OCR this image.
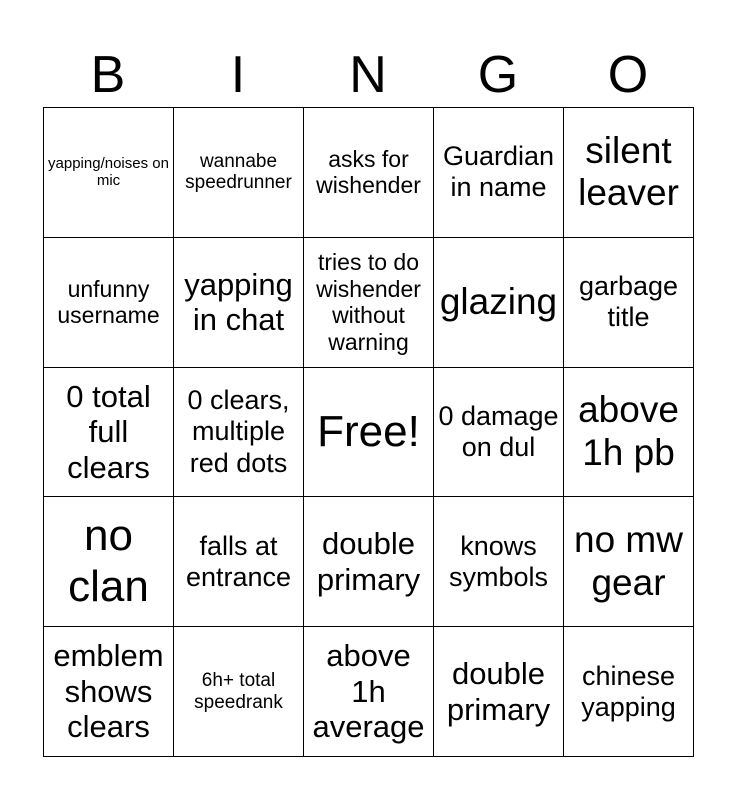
B	I	N	G	O
yapping/noises on mic	wannabe speedrunner	asks for wishender	Guardian in name	silent leaver
unfunny username	yapping in chat	tries to do wishender without warning	glazing	garbage title
0 total full clears	0 clears, multiple red dots	Free!	0 damage on dul	above 1h pb
no clan	falls at entrance	double primary	knows symbols	no mw gear
emblem shows clears	6h+ total speedrank	above 1h average	double primary	chinese yapping
